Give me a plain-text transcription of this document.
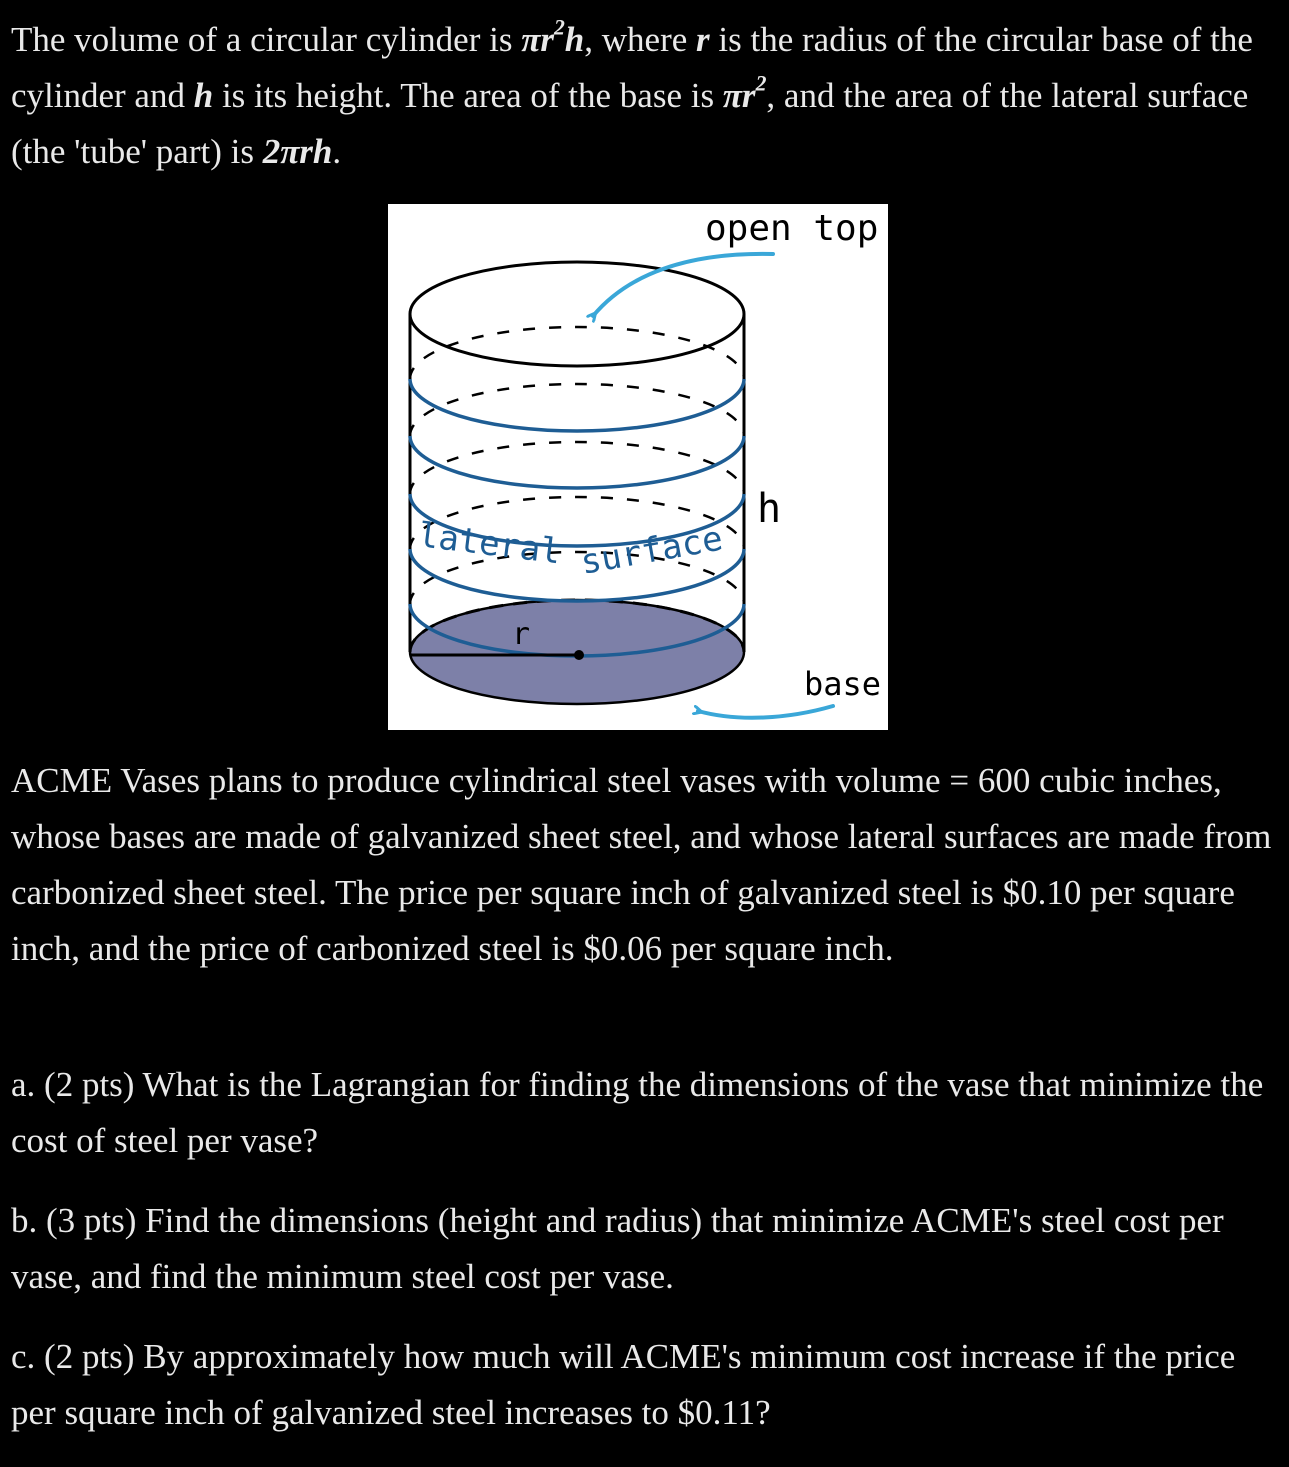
The volume of a circular cylinder is $\pi r^2h$, where r is the radius of the circular base of the cylinder and h is its height. The area of the base is $\pi r^2$, and the area of the lateral surface (the 'tube' part) is 2πrh.

open top
lateral surface
h
r
base

ACME Vases plans to produce cylindrical steel vases with volume = 600 cubic inches, whose bases are made of galvanized sheet steel, and whose lateral surfaces are made from carbonized sheet steel. The price per square inch of galvanized steel is $0.10 per square inch, and the price of carbonized steel is $0.06 per square inch.

a. (2 pts) What is the Lagrangian for finding the dimensions of the vase that minimize the cost of steel per vase?

b. (3 pts) Find the dimensions (height and radius) that minimize ACME's steel cost per vase, and find the minimum steel cost per vase.

c. (2 pts) By approximately how much will ACME's minimum cost increase if the price per square inch of galvanized steel increases to $0.11?
